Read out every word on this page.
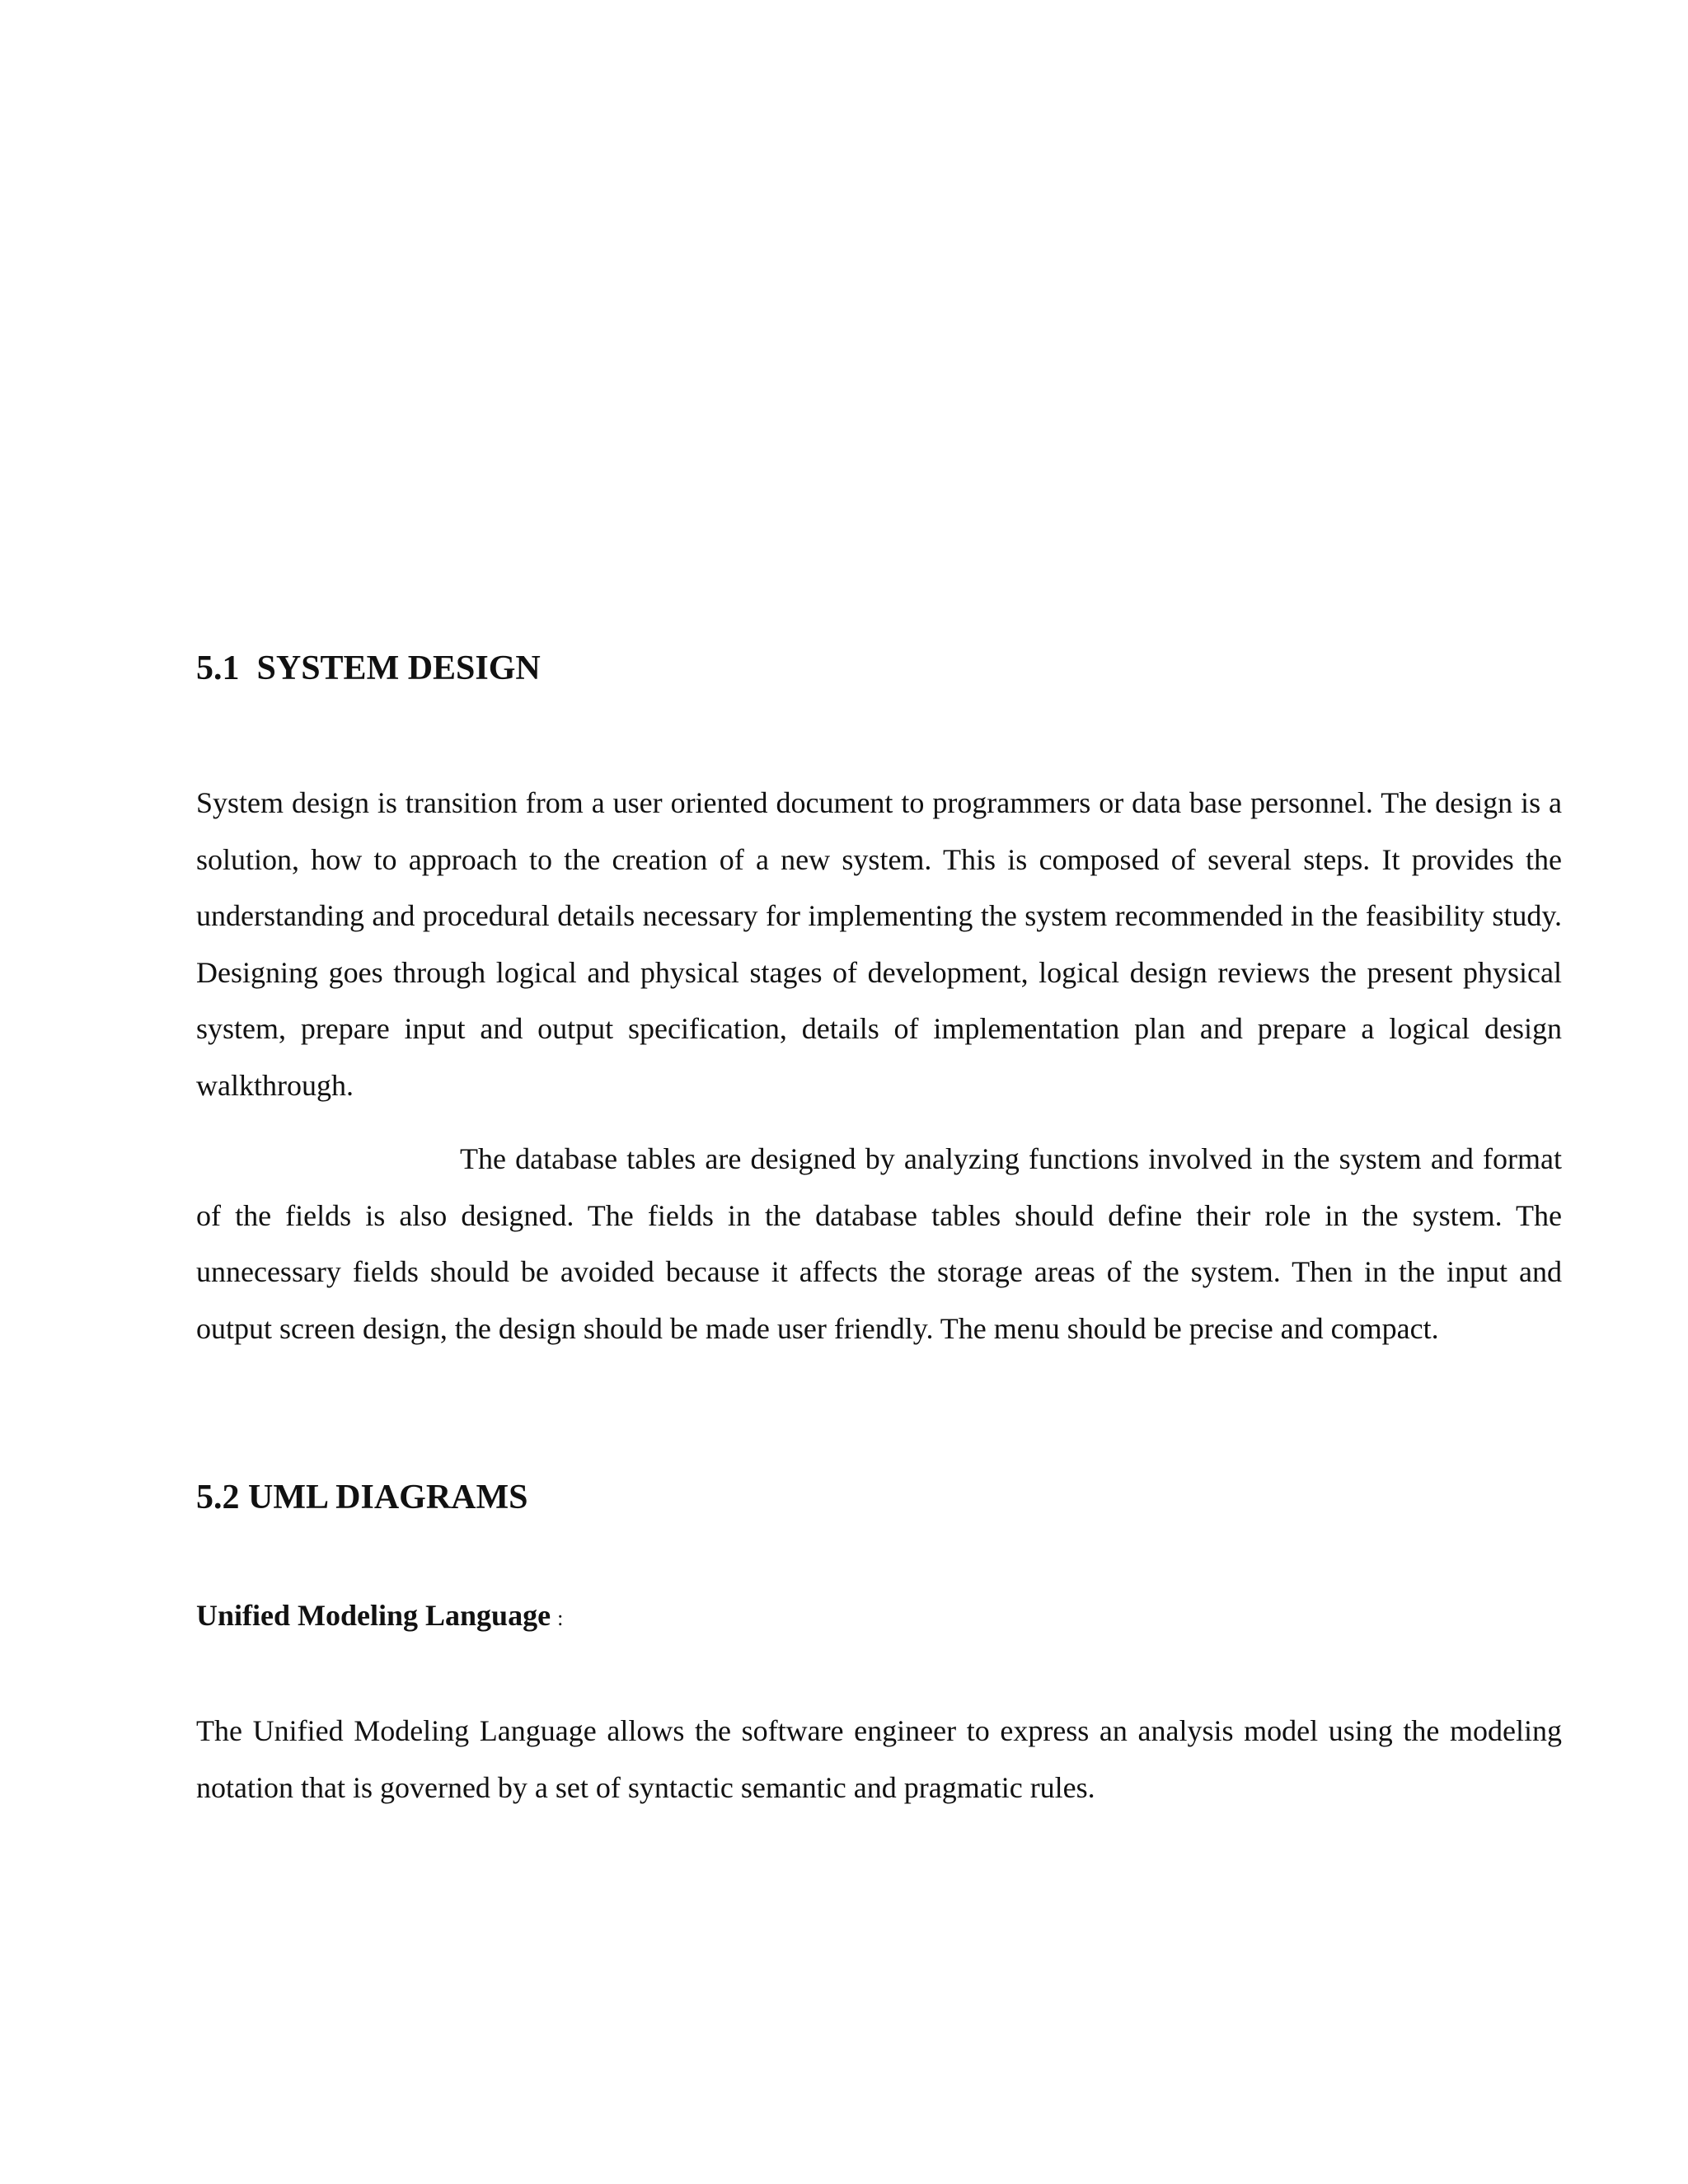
5.1  SYSTEM DESIGN

System design is transition from a user oriented document to programmers or data base personnel. The design is a solution, how to approach to the creation of a new system. This is composed of several steps. It provides the understanding and procedural details necessary for implementing the system recommended in the feasibility study. Designing goes through logical and physical stages of development, logical design reviews the present physical system, prepare input and output specification, details of implementation plan and prepare a logical design walkthrough.

The database tables are designed by analyzing functions involved in the system and format of the fields is also designed. The fields in the database tables should define their role in the system. The unnecessary fields should be avoided because it affects the storage areas of the system. Then in the input and output screen design, the design should be made user friendly. The menu should be precise and compact.

5.2 UML DIAGRAMS
Unified Modeling Language :

The Unified Modeling Language allows the software engineer to express an analysis model using the modeling notation that is governed by a set of syntactic semantic and pragmatic rules.
